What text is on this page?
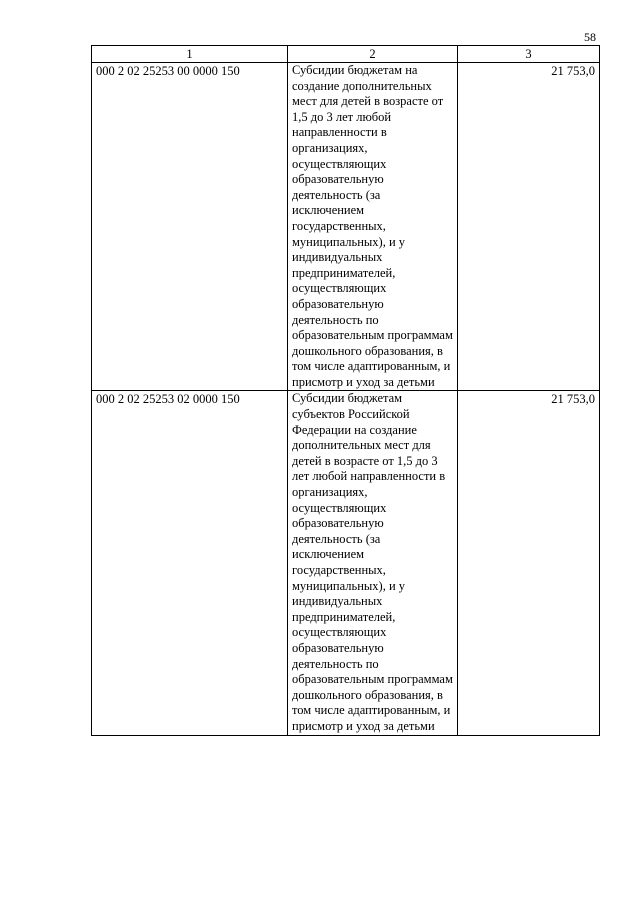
58
1	2	3
000 2 02 25253 00 0000 150	Субсидии бюджетам на создание дополнительных мест для детей в возрасте от 1,5 до 3 лет любой направленности в организациях, осуществляющих образовательную деятельность (за исключением государственных, муниципальных), и у индивидуальных предпринимателей, осуществляющих образовательную деятельность по образовательным программам дошкольного образования, в том числе адаптированным, и присмотр и уход за детьми	21 753,0
000 2 02 25253 02 0000 150	Субсидии бюджетам субъектов Российской Федерации на создание дополнительных мест для детей в возрасте от 1,5 до 3 лет любой направленности в организациях, осуществляющих образовательную деятельность (за исключением государственных, муниципальных), и у индивидуальных предпринимателей, осуществляющих образовательную деятельность по образовательным программам дошкольного образования, в том числе адаптированным, и присмотр и уход за детьми	21 753,0
